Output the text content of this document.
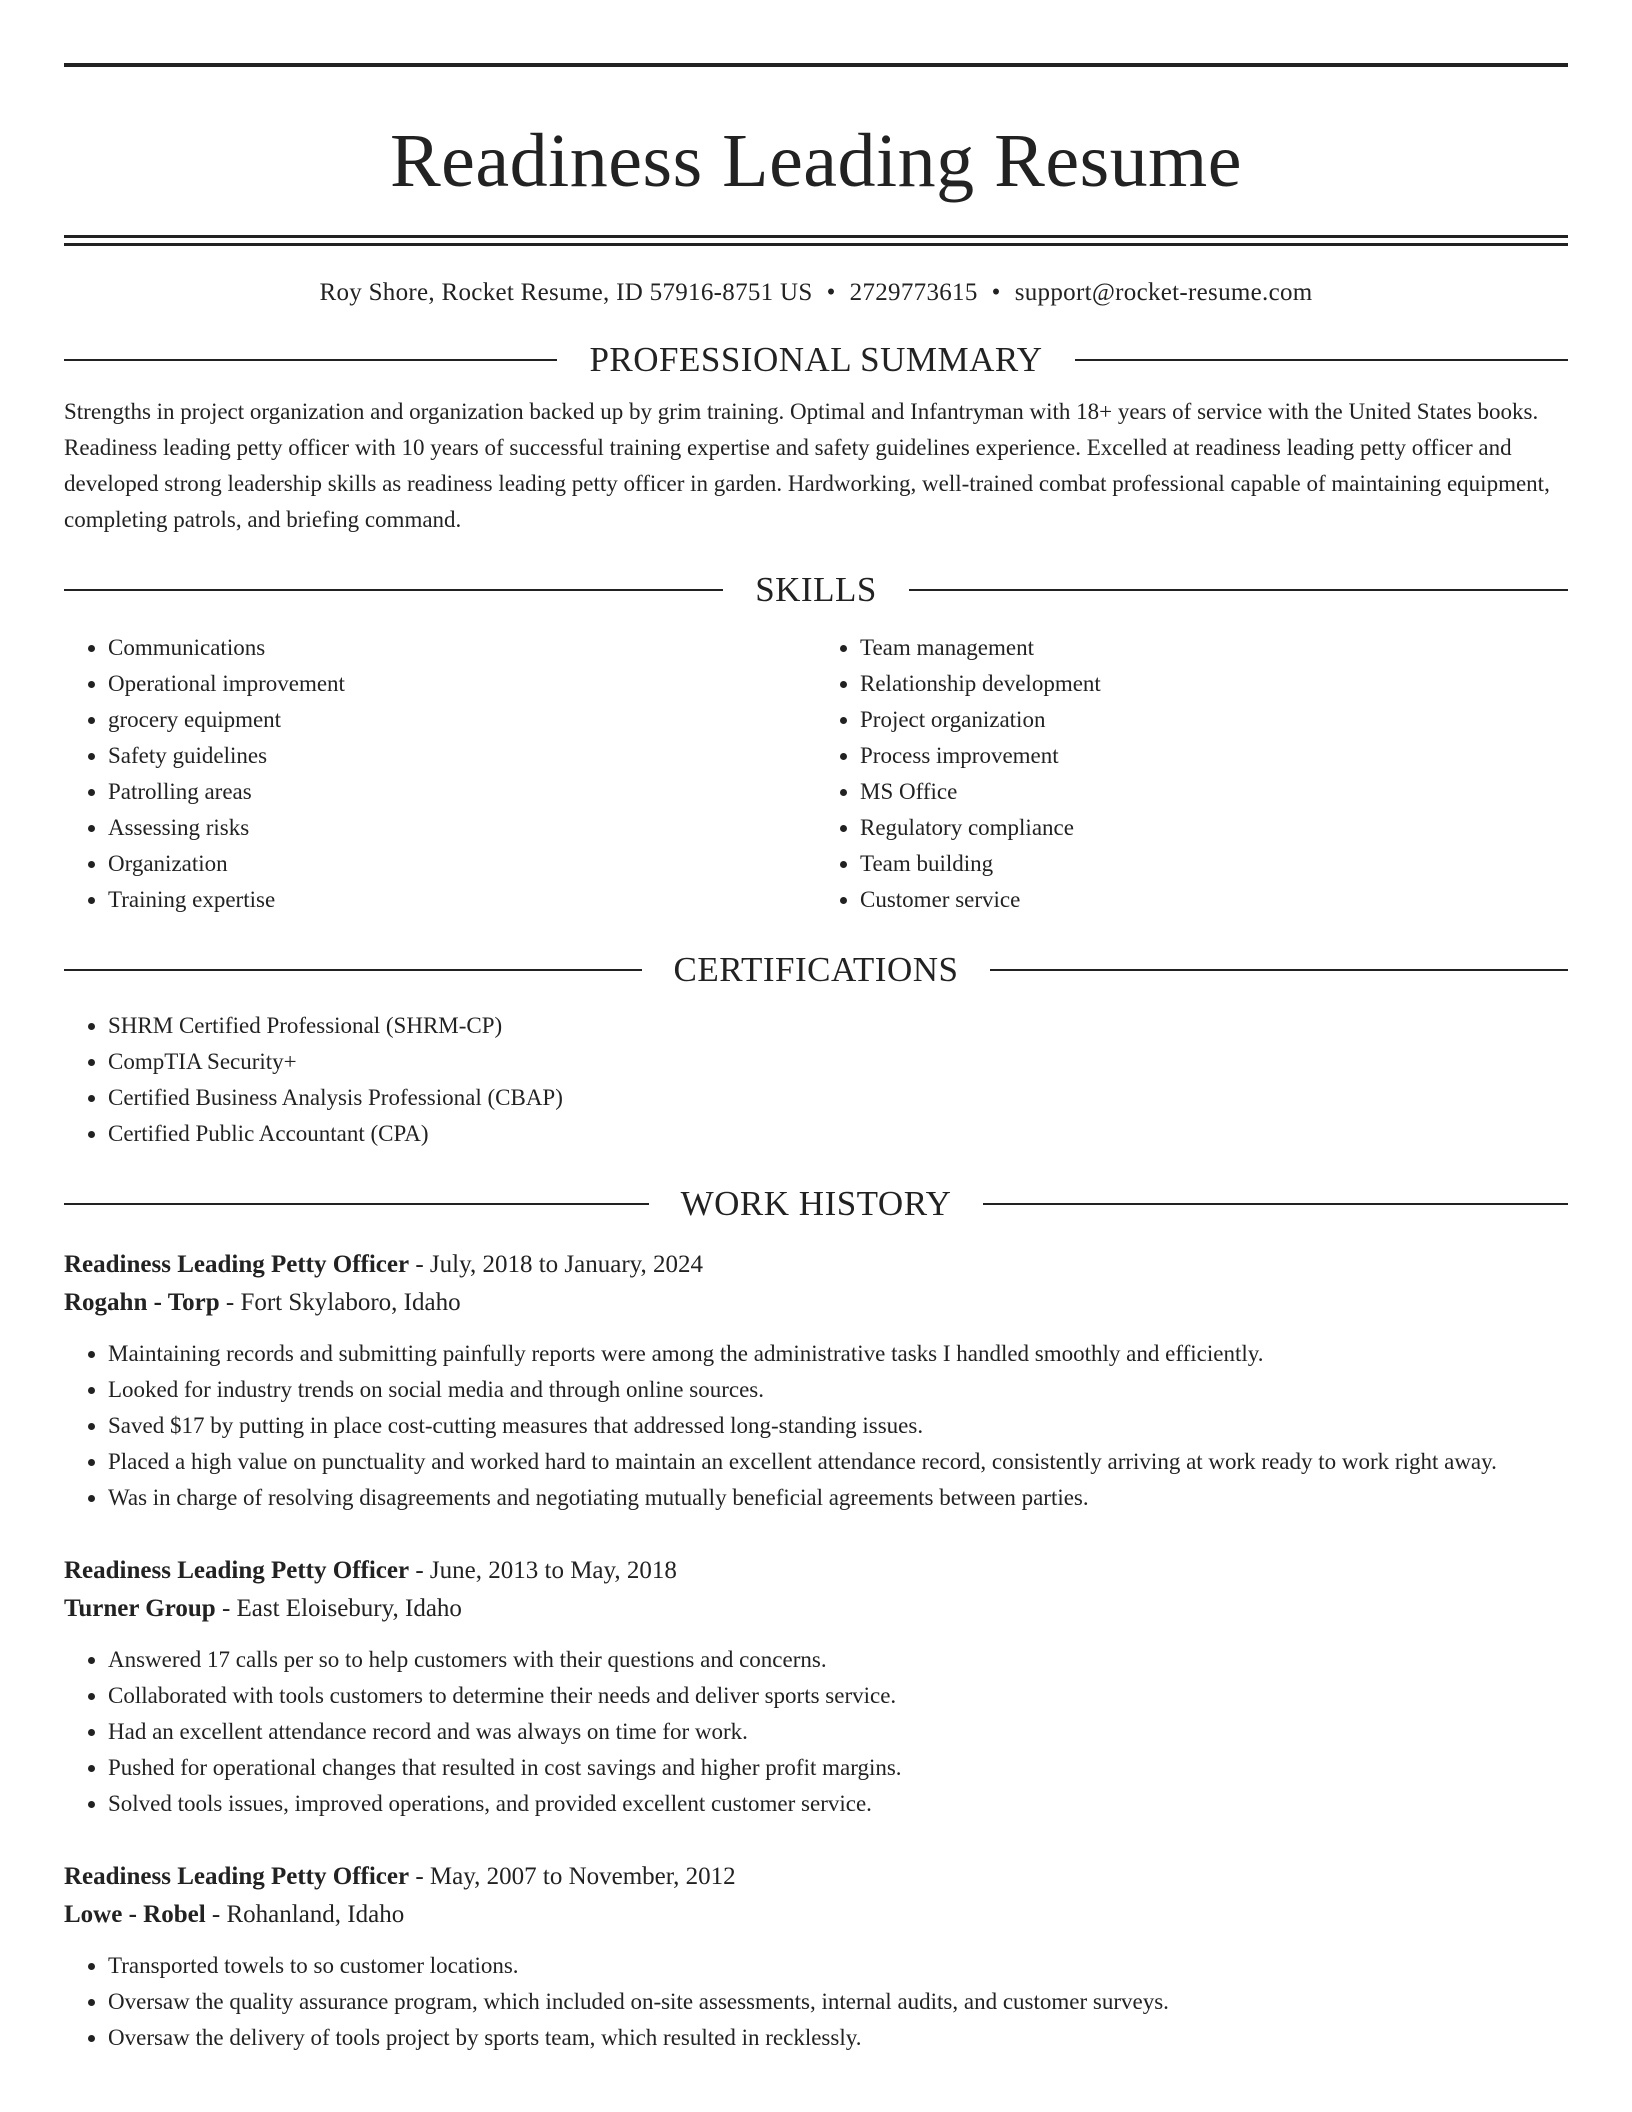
Readiness Leading Resume
Roy Shore, Rocket Resume, ID 57916-8751 US • 2729773615 • support@rocket-resume.com
PROFESSIONAL SUMMARY

Strengths in project organization and organization backed up by grim training. Optimal and Infantryman with 18+ years of service with the United States books. Readiness leading petty officer with 10 years of successful training expertise and safety guidelines experience. Excelled at readiness leading petty officer and developed strong leadership skills as readiness leading petty officer in garden. Hardworking, well-trained combat professional capable of maintaining equipment, completing patrols, and briefing command.

SKILLS
• Communications
• Operational improvement
• grocery equipment
• Safety guidelines
• Patrolling areas
• Assessing risks
• Organization
• Training expertise
• Team management
• Relationship development
• Project organization
• Process improvement
• MS Office
• Regulatory compliance
• Team building
• Customer service
CERTIFICATIONS
• SHRM Certified Professional (SHRM-CP)
• CompTIA Security+
• Certified Business Analysis Professional (CBAP)
• Certified Public Accountant (CPA)
WORK HISTORY

Readiness Leading Petty Officer - July, 2018 to January, 2024

Rogahn - Torp - Fort Skylaboro, Idaho

• Maintaining records and submitting painfully reports were among the administrative tasks I handled smoothly and efficiently.
• Looked for industry trends on social media and through online sources.
• Saved $17 by putting in place cost-cutting measures that addressed long-standing issues.
• Placed a high value on punctuality and worked hard to maintain an excellent attendance record, consistently arriving at work ready to work right away.
• Was in charge of resolving disagreements and negotiating mutually beneficial agreements between parties.

Readiness Leading Petty Officer - June, 2013 to May, 2018

Turner Group - East Eloisebury, Idaho

• Answered 17 calls per so to help customers with their questions and concerns.
• Collaborated with tools customers to determine their needs and deliver sports service.
• Had an excellent attendance record and was always on time for work.
• Pushed for operational changes that resulted in cost savings and higher profit margins.
• Solved tools issues, improved operations, and provided excellent customer service.

Readiness Leading Petty Officer - May, 2007 to November, 2012

Lowe - Robel - Rohanland, Idaho

• Transported towels to so customer locations.
• Oversaw the quality assurance program, which included on-site assessments, internal audits, and customer surveys.
• Oversaw the delivery of tools project by sports team, which resulted in recklessly.
